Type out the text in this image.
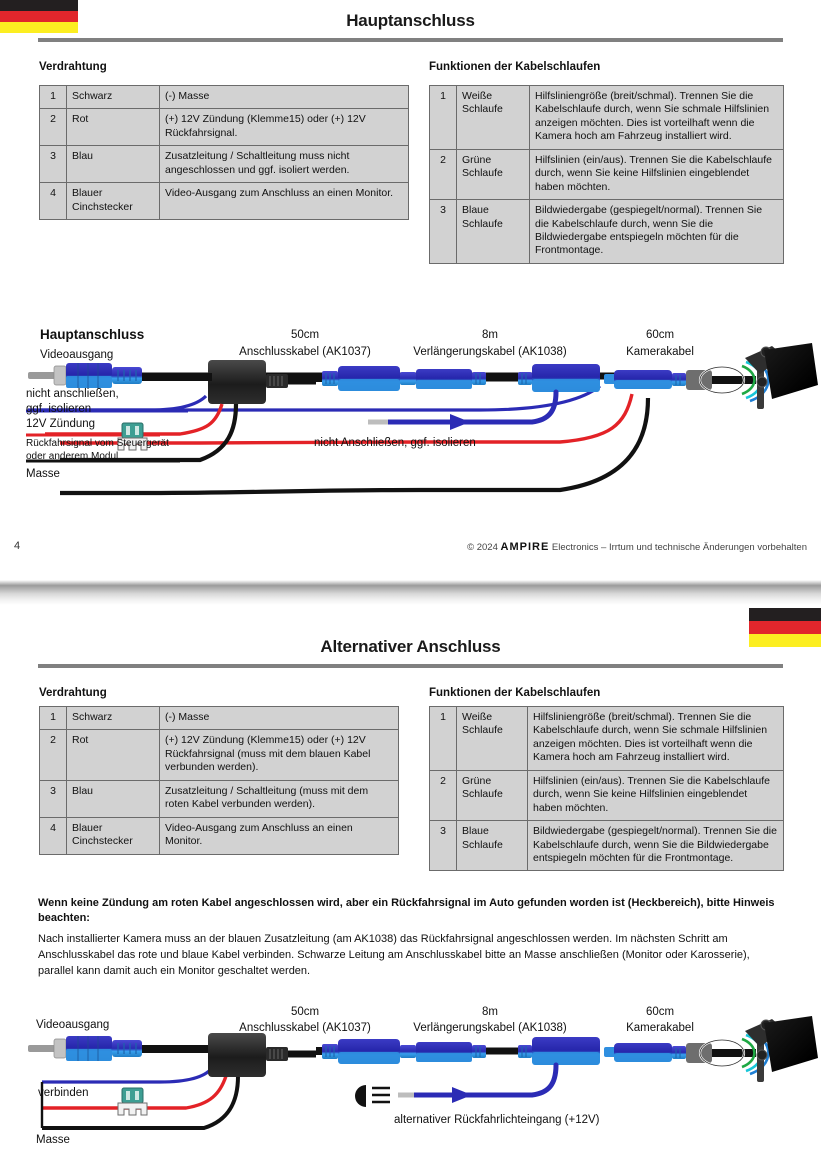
Hauptanschluss
Verdrahtung
1	Schwarz	(-) Masse
2	Rot	(+) 12V Zündung (Klemme15) oder (+) 12V Rückfahrsignal.
3	Blau	Zusatzleitung / Schaltleitung muss nicht angeschlossen und ggf. isoliert werden.
4	Blauer Cinchstecker	Video-Ausgang zum Anschluss an einen Monitor.
Funktionen der Kabelschlaufen
1	Weiße Schlaufe	Hilfsliniengröße (breit/schmal). Trennen Sie die Kabelschlaufe durch, wenn Sie schmale Hilfslinien anzeigen möchten. Dies ist vorteilhaft wenn die Kamera hoch am Fahrzeug installiert wird.
2	Grüne Schlaufe	Hilfslinien (ein/aus). Trennen Sie die Kabelschlaufe durch, wenn Sie keine Hilfslinien eingeblendet haben möchten.
3	Blaue Schlaufe	Bildwiedergabe (gespiegelt/normal). Trennen Sie die Kabelschlaufe durch, wenn Sie die Bildwiedergabe entspiegeln möchten für die Frontmontage.
Hauptanschluss
Videoausgang
nicht anschließen,
ggf. isolieren
12V Zündung
Rückfahrsignal vom Steuergerät
oder anderem Modul
Masse
50cm
Anschlusskabel (AK1037)
8m
Verlängerungskabel (AK1038)
60cm
Kamerakabel
nicht Anschließen, ggf. isolieren
4	© 2024 AMPIRE Electronics – Irrtum und technische Änderungen vorbehalten
Alternativer Anschluss
Verdrahtung
1	Schwarz	(-) Masse
2	Rot	(+) 12V Zündung (Klemme15) oder (+) 12V Rückfahrsignal (muss mit dem blauen Kabel verbunden werden).
3	Blau	Zusatzleitung / Schaltleitung (muss mit dem roten Kabel verbunden werden).
4	Blauer Cinchstecker	Video-Ausgang zum Anschluss an einen Monitor.
Funktionen der Kabelschlaufen
1	Weiße Schlaufe	Hilfsliniengröße (breit/schmal). Trennen Sie die Kabelschlaufe durch, wenn Sie schmale Hilfslinien anzeigen möchten. Dies ist vorteilhaft wenn die Kamera hoch am Fahrzeug installiert wird.
2	Grüne Schlaufe	Hilfslinien (ein/aus). Trennen Sie die Kabelschlaufe durch, wenn Sie keine Hilfslinien eingeblendet haben möchten.
3	Blaue Schlaufe	Bildwiedergabe (gespiegelt/normal). Trennen Sie die Kabelschlaufe durch, wenn Sie die Bildwiedergabe entspiegeln möchten für die Frontmontage.
Wenn keine Zündung am roten Kabel angeschlossen wird, aber ein Rückfahrsignal im Auto gefunden worden ist (Heckbereich), bitte Hinweis beachten:
Nach installierter Kamera muss an der blauen Zusatzleitung (am AK1038) das Rückfahrsignal angeschlossen werden. Im nächsten Schritt am Anschlusskabel das rote und blaue Kabel verbinden. Schwarze Leitung am Anschlusskabel bitte an Masse anschließen (Monitor oder Karosserie), parallel kann damit auch ein Monitor geschaltet werden.
Videoausgang
verbinden
Masse
50cm
Anschlusskabel (AK1037)
8m
Verlängerungskabel (AK1038)
60cm
Kamerakabel
alternativer Rückfahrlichteingang (+12V)
